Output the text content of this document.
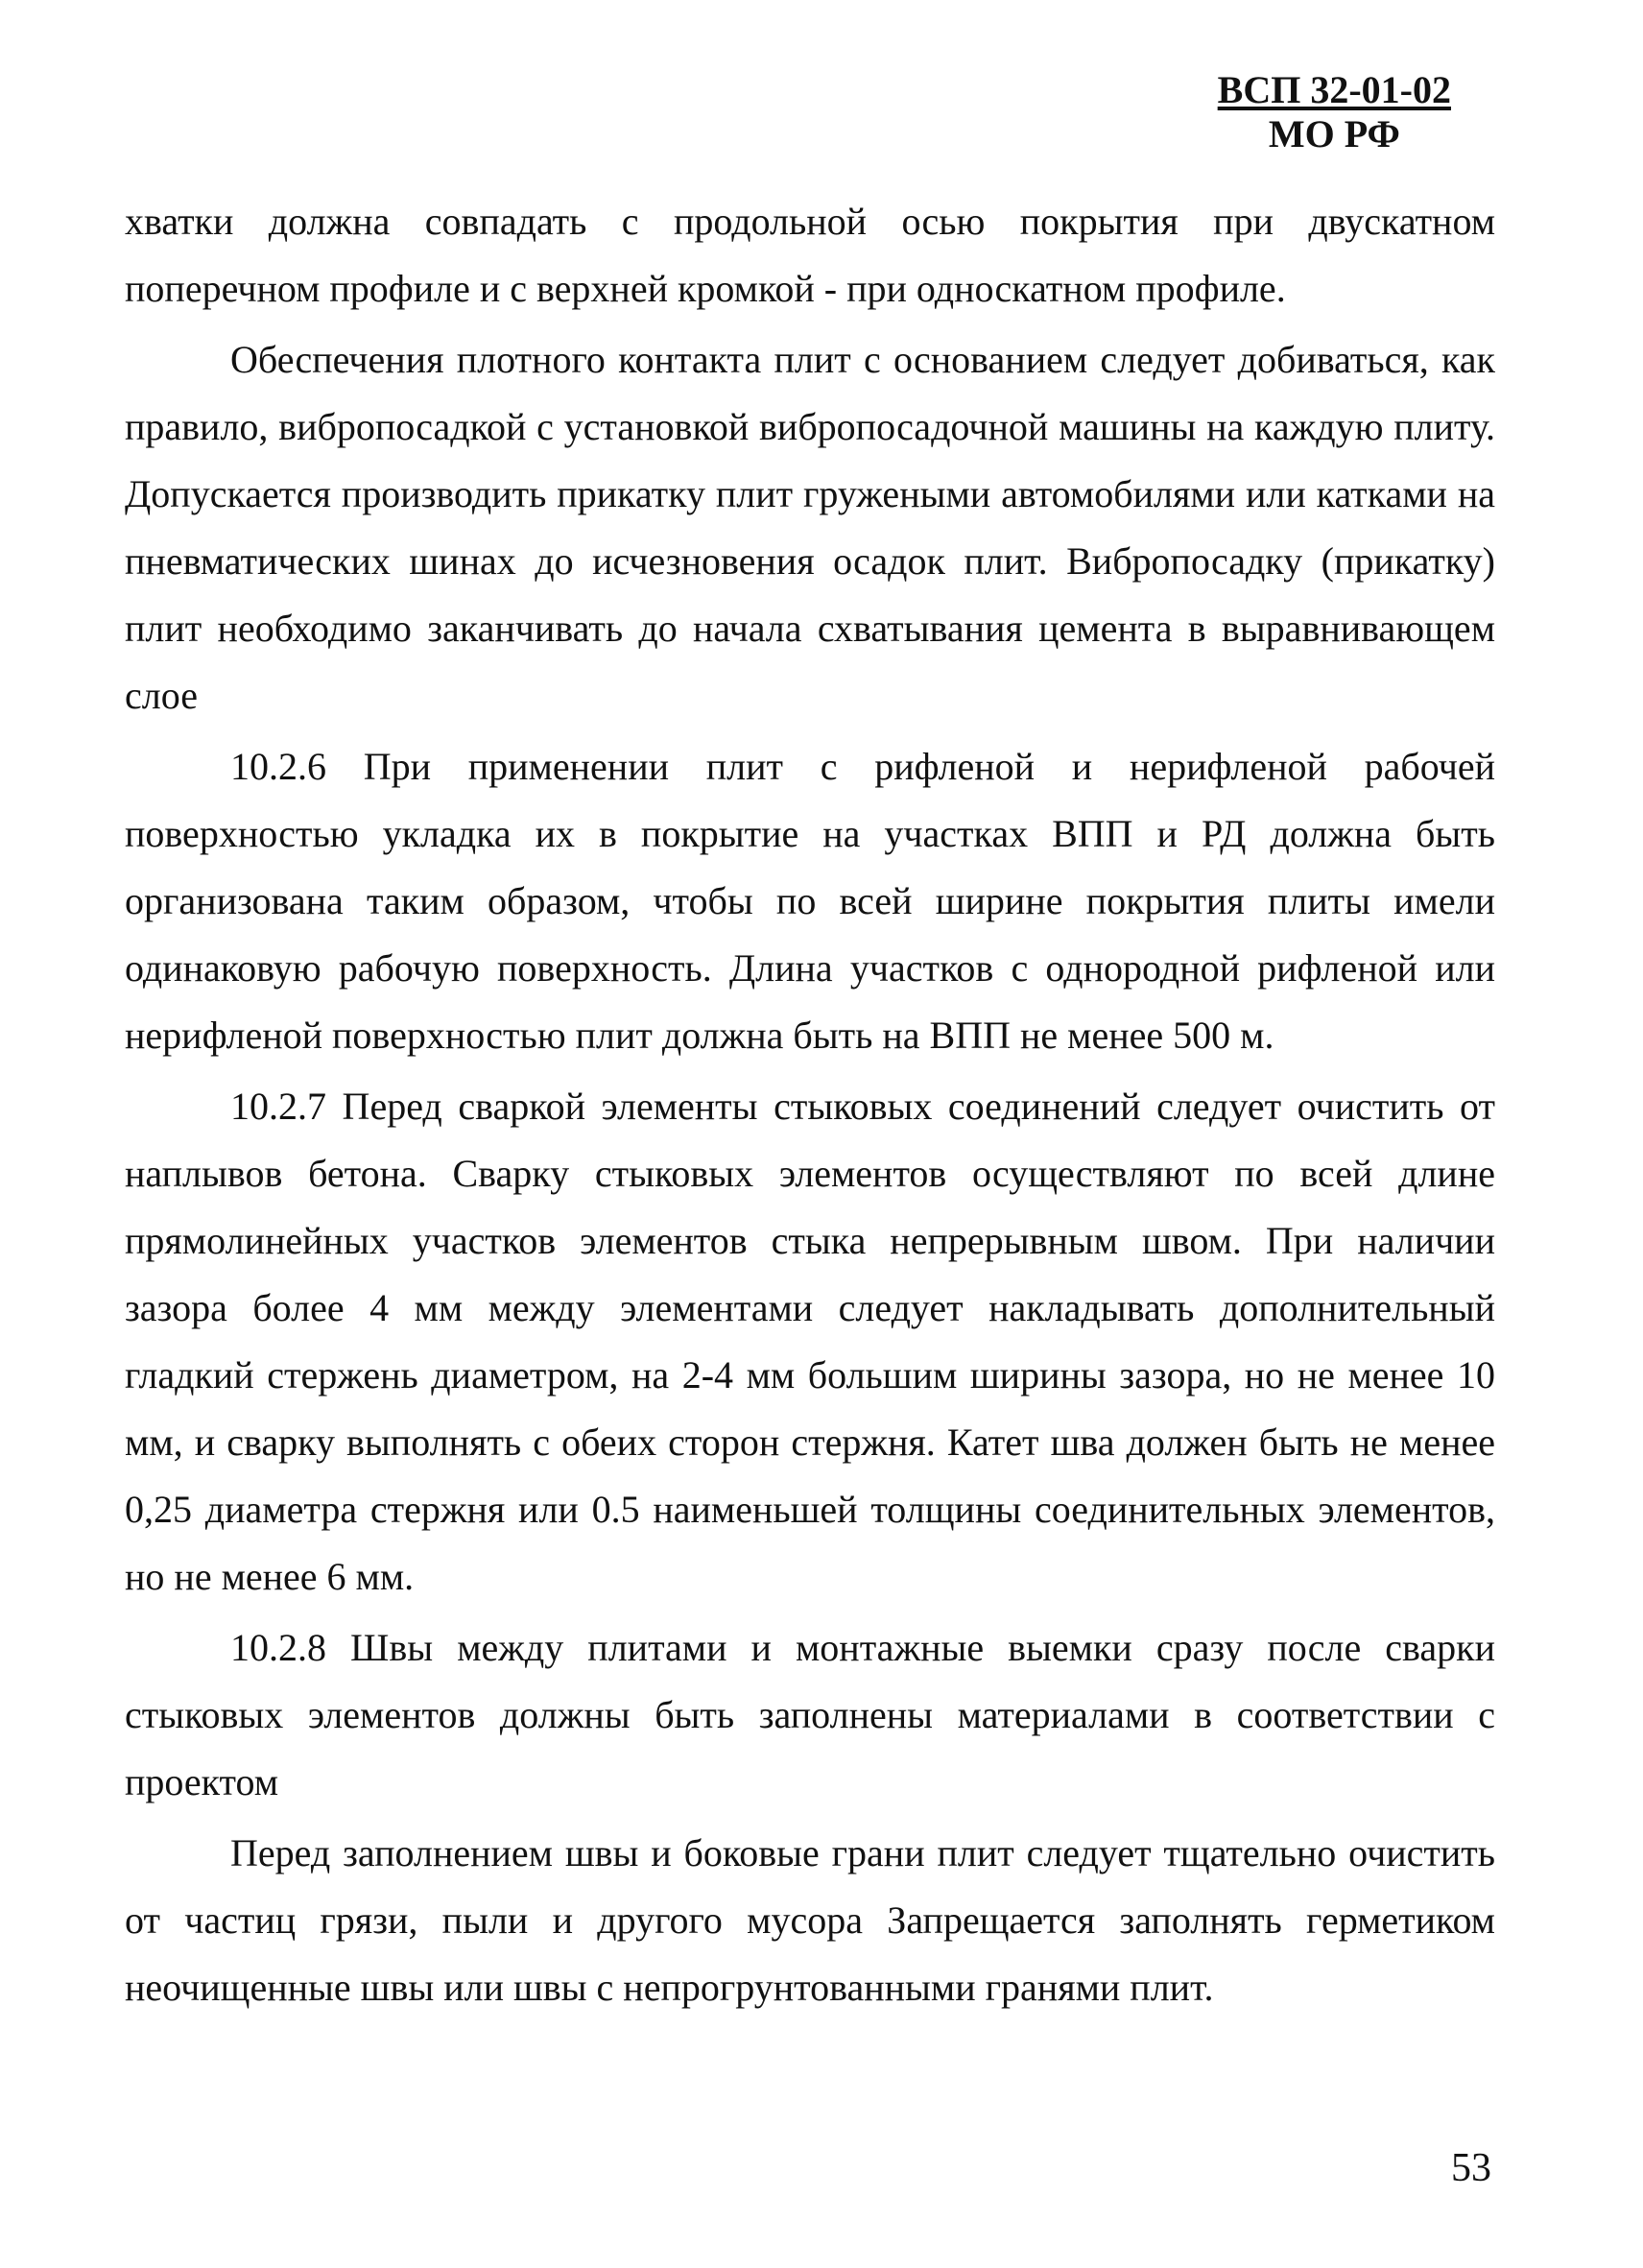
ВСП 32-01-02
МО РФ

хватки должна совпадать с продольной осью покрытия при двускатном поперечном профиле и с верхней кромкой - при односкатном профиле.

Обеспечения плотного контакта плит с основанием следует добиваться, как правило, вибропосадкой с установкой вибропосадочной машины на каждую плиту. Допускается производить прикатку плит гружеными автомобилями или катками на пневматических шинах до исчезновения осадок плит. Вибропосадку (прикатку) плит необходимо заканчивать до начала схватывания цемента в выравнивающем слое

10.2.6 При применении плит с рифленой и нерифленой рабочей поверхностью укладка их в покрытие на участках ВПП и РД должна быть организована таким образом, чтобы по всей ширине покрытия плиты имели одинаковую рабочую поверхность. Длина участков с однородной рифленой или нерифленой поверхностью плит должна быть на ВПП не менее 500 м.

10.2.7 Перед сваркой элементы стыковых соединений следует очистить от наплывов бетона. Сварку стыковых элементов осуществляют по всей длине прямолинейных участков элементов стыка непрерывным швом. При наличии зазора более 4 мм между элементами следует накладывать дополнительный гладкий стержень диаметром, на 2-4 мм большим ширины зазора, но не менее 10 мм, и сварку выполнять с обеих сторон стержня. Катет шва должен быть не менее 0,25 диаметра стержня или 0.5 наименьшей толщины соединительных элементов, но не менее 6 мм.

10.2.8 Швы между плитами и монтажные выемки сразу после сварки стыковых элементов должны быть заполнены материалами в соответствии с проектом

Перед заполнением швы и боковые грани плит следует тщательно очистить от частиц грязи, пыли и другого мусора Запрещается заполнять герметиком неочищенные швы или швы с непрогрунтованными гранями плит.

53
